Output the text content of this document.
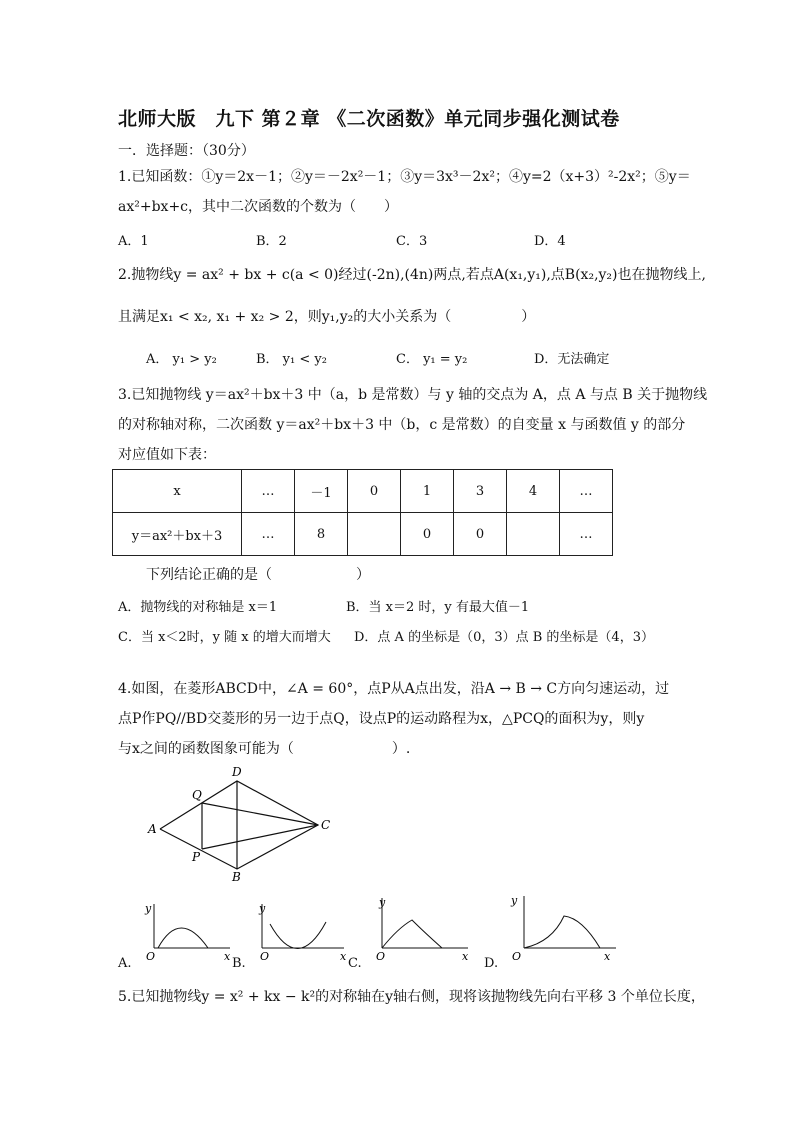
北师大版　九下 第２章 《二次函数》单元同步强化测试卷
一．选择题：（30分）
1.已知函数：①y＝2x－1；②y＝－2x²－1；③y＝3x³－2x²；④y=2（x+3）²-2x²；⑤y＝
ax²+bx+c，其中二次函数的个数为（　　）
A．1	B．2	C．3	D．4
2.抛物线y = ax² + bx + c(a < 0)经过(-2n),(4n)两点,若点A(x₁,y₁),点B(x₂,y₂)也在抛物线上,
且满足x₁ < x₂, x₁ + x₂ > 2，则y₁,y₂的大小关系为（　　　　　）
A． y₁ > y₂	B． y₁ < y₂	C． y₁ = y₂	D．无法确定
3.已知抛物线 y＝ax²＋bx＋3 中（a，b 是常数）与 y 轴的交点为 A，点 A 与点 B 关于抛物线
的对称轴对称，二次函数 y＝ax²＋bx＋3 中（b，c 是常数）的自变量 x 与函数值 y 的部分
对应值如下表：
x	…	－1	0	1	3	4	…
y＝ax²＋bx＋3	…	8		0	0		…
下列结论正确的是（　　　　　　）
A．抛物线的对称轴是 x＝1	B．当 x＝2 时，y 有最大值－1
C．当 x＜2时，y 随 x 的增大而增大 D．点 A 的坐标是（0，3）点 B 的坐标是（4，3）
4.如图，在菱形ABCD中，∠A = 60°，点P从A点出发，沿A → B → C方向匀速运动，过
点P作PQ//BD交菱形的另一边于点Q，设点P的运动路程为x，△PCQ的面积为y，则y
与x之间的函数图象可能为（　　　　　　　）.
D
Q
A	C
P
B
y
x
O
A.
y
x
O
B.
y
x
O
C.
y
x
O
D.
5.已知抛物线y = x² + kx − k²的对称轴在y轴右侧，现将该抛物线先向右平移 3 个单位长度，
